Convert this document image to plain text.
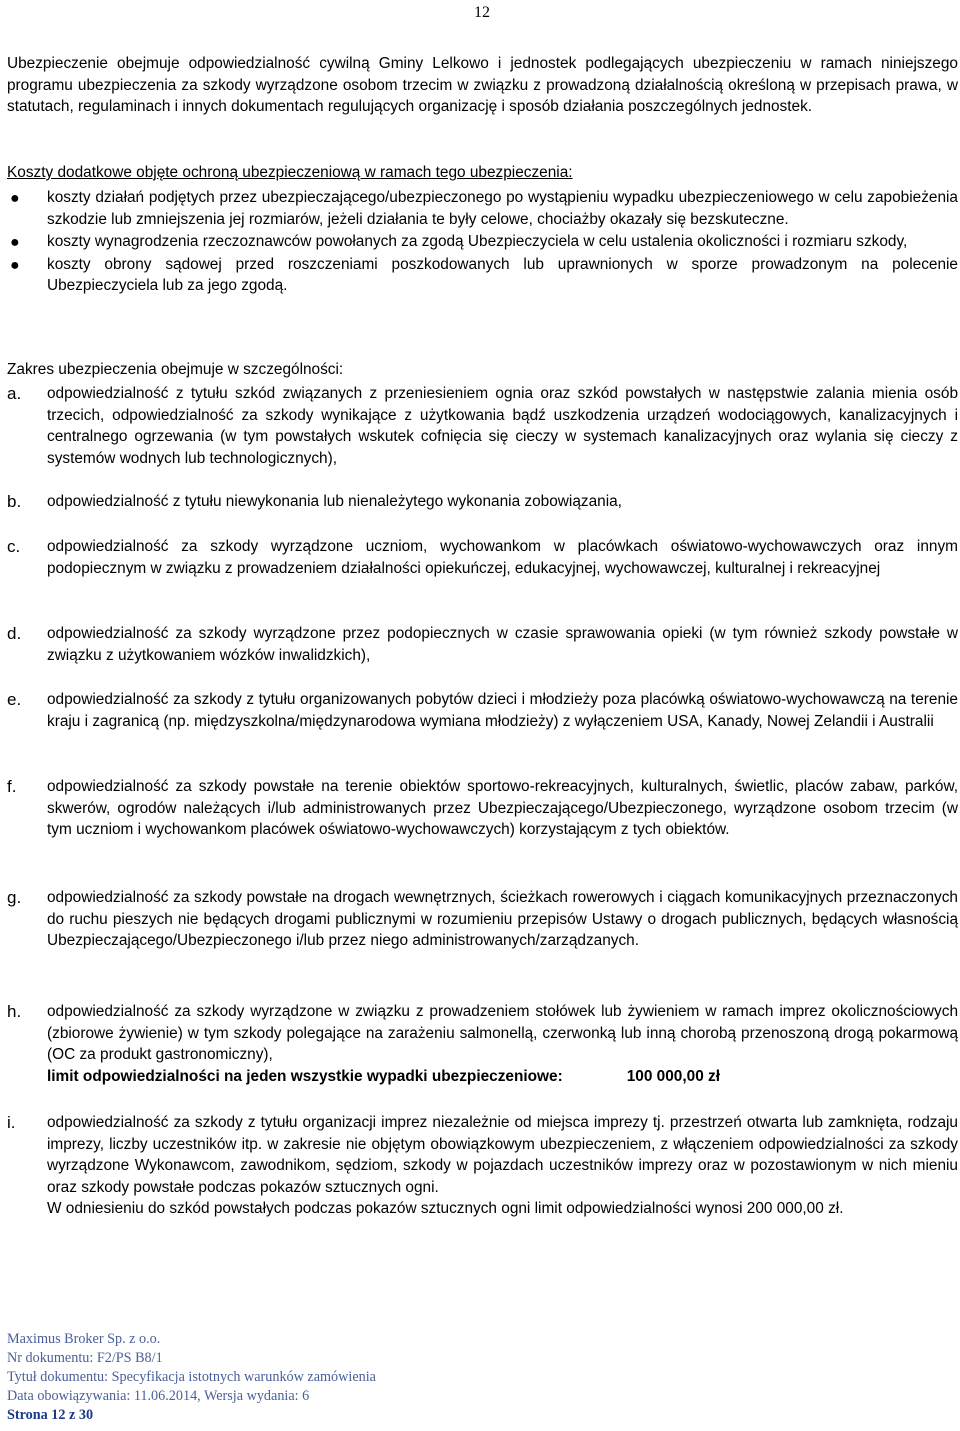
12

Ubezpieczenie obejmuje odpowiedzialność cywilną Gminy Lelkowo i jednostek podlegających ubezpieczeniu w ramach niniejszego programu ubezpieczenia za szkody wyrządzone osobom trzecim w związku z prowadzoną działalnością określoną w przepisach prawa, w statutach, regulaminach i innych dokumentach regulujących organizację i sposób działania poszczególnych jednostek.

Koszty dodatkowe objęte ochroną ubezpieczeniową w ramach tego ubezpieczenia:

● koszty działań podjętych przez ubezpieczającego/ubezpieczonego po wystąpieniu wypadku ubezpieczeniowego w celu zapobieżenia szkodzie lub zmniejszenia jej rozmiarów, jeżeli działania te były celowe, chociażby okazały się bezskuteczne.
● koszty wynagrodzenia rzeczoznawców powołanych za zgodą Ubezpieczyciela w celu ustalenia okoliczności i rozmiaru szkody,
● koszty obrony sądowej przed roszczeniami poszkodowanych lub uprawnionych w sporze prowadzonym na polecenie Ubezpieczyciela lub za jego zgodą.

Zakres ubezpieczenia obejmuje w szczególności:

a. odpowiedzialność z tytułu szkód związanych z przeniesieniem ognia oraz szkód powstałych w następstwie zalania mienia osób trzecich, odpowiedzialność za szkody wynikające z użytkowania bądź uszkodzenia urządzeń wodociągowych, kanalizacyjnych i centralnego ogrzewania (w tym powstałych wskutek cofnięcia się cieczy w systemach kanalizacyjnych oraz wylania się cieczy z systemów wodnych lub technologicznych),
b. odpowiedzialność z tytułu niewykonania lub nienależytego wykonania zobowiązania,
c. odpowiedzialność za szkody wyrządzone uczniom, wychowankom w placówkach oświatowo-wychowawczych oraz innym podopiecznym w związku z prowadzeniem działalności opiekuńczej, edukacyjnej, wychowawczej, kulturalnej i rekreacyjnej
d. odpowiedzialność za szkody wyrządzone przez podopiecznych w czasie sprawowania opieki (w tym również szkody powstałe w związku z użytkowaniem wózków inwalidzkich),
e. odpowiedzialność za szkody z tytułu organizowanych pobytów dzieci i młodzieży poza placówką oświatowo-wychowawczą na terenie kraju i zagranicą (np. międzyszkolna/międzynarodowa wymiana młodzieży) z wyłączeniem USA, Kanady, Nowej Zelandii i Australii
f. odpowiedzialność za szkody powstałe na terenie obiektów sportowo-rekreacyjnych, kulturalnych, świetlic, placów zabaw, parków, skwerów, ogrodów należących i/lub administrowanych przez Ubezpieczającego/Ubezpieczonego, wyrządzone osobom trzecim (w tym uczniom i wychowankom placówek oświatowo-wychowawczych) korzystającym z tych obiektów.
g. odpowiedzialność za szkody powstałe na drogach wewnętrznych, ścieżkach rowerowych i ciągach komunikacyjnych przeznaczonych do ruchu pieszych nie będących drogami publicznymi w rozumieniu przepisów Ustawy o drogach publicznych, będących własnością Ubezpieczającego/Ubezpieczonego i/lub przez niego administrowanych/zarządzanych.
h. odpowiedzialność za szkody wyrządzone w związku z prowadzeniem stołówek lub żywieniem w ramach imprez okolicznościowych (zbiorowe żywienie) w tym szkody polegające na zarażeniu salmonellą, czerwonką lub inną chorobą przenoszoną drogą pokarmową (OC za produkt gastronomiczny),
limit odpowiedzialności na jeden wszystkie wypadki ubezpieczeniowe:	100 000,00 zł
i. odpowiedzialność za szkody z tytułu organizacji imprez niezależnie od miejsca imprezy tj. przestrzeń otwarta lub zamknięta, rodzaju imprezy, liczby uczestników itp. w zakresie nie objętym obowiązkowym ubezpieczeniem, z włączeniem odpowiedzialności za szkody wyrządzone Wykonawcom, zawodnikom, sędziom, szkody w pojazdach uczestników imprezy oraz w pozostawionym w nich mieniu oraz szkody powstałe podczas pokazów sztucznych ogni.
W odniesieniu do szkód powstałych podczas pokazów sztucznych ogni limit odpowiedzialności wynosi 200 000,00 zł.
Maximus Broker Sp. z o.o.
Nr dokumentu: F2/PS B8/1
Tytuł dokumentu: Specyfikacja istotnych warunków zamówienia
Data obowiązywania: 11.06.2014, Wersja wydania: 6
Strona 12 z 30
